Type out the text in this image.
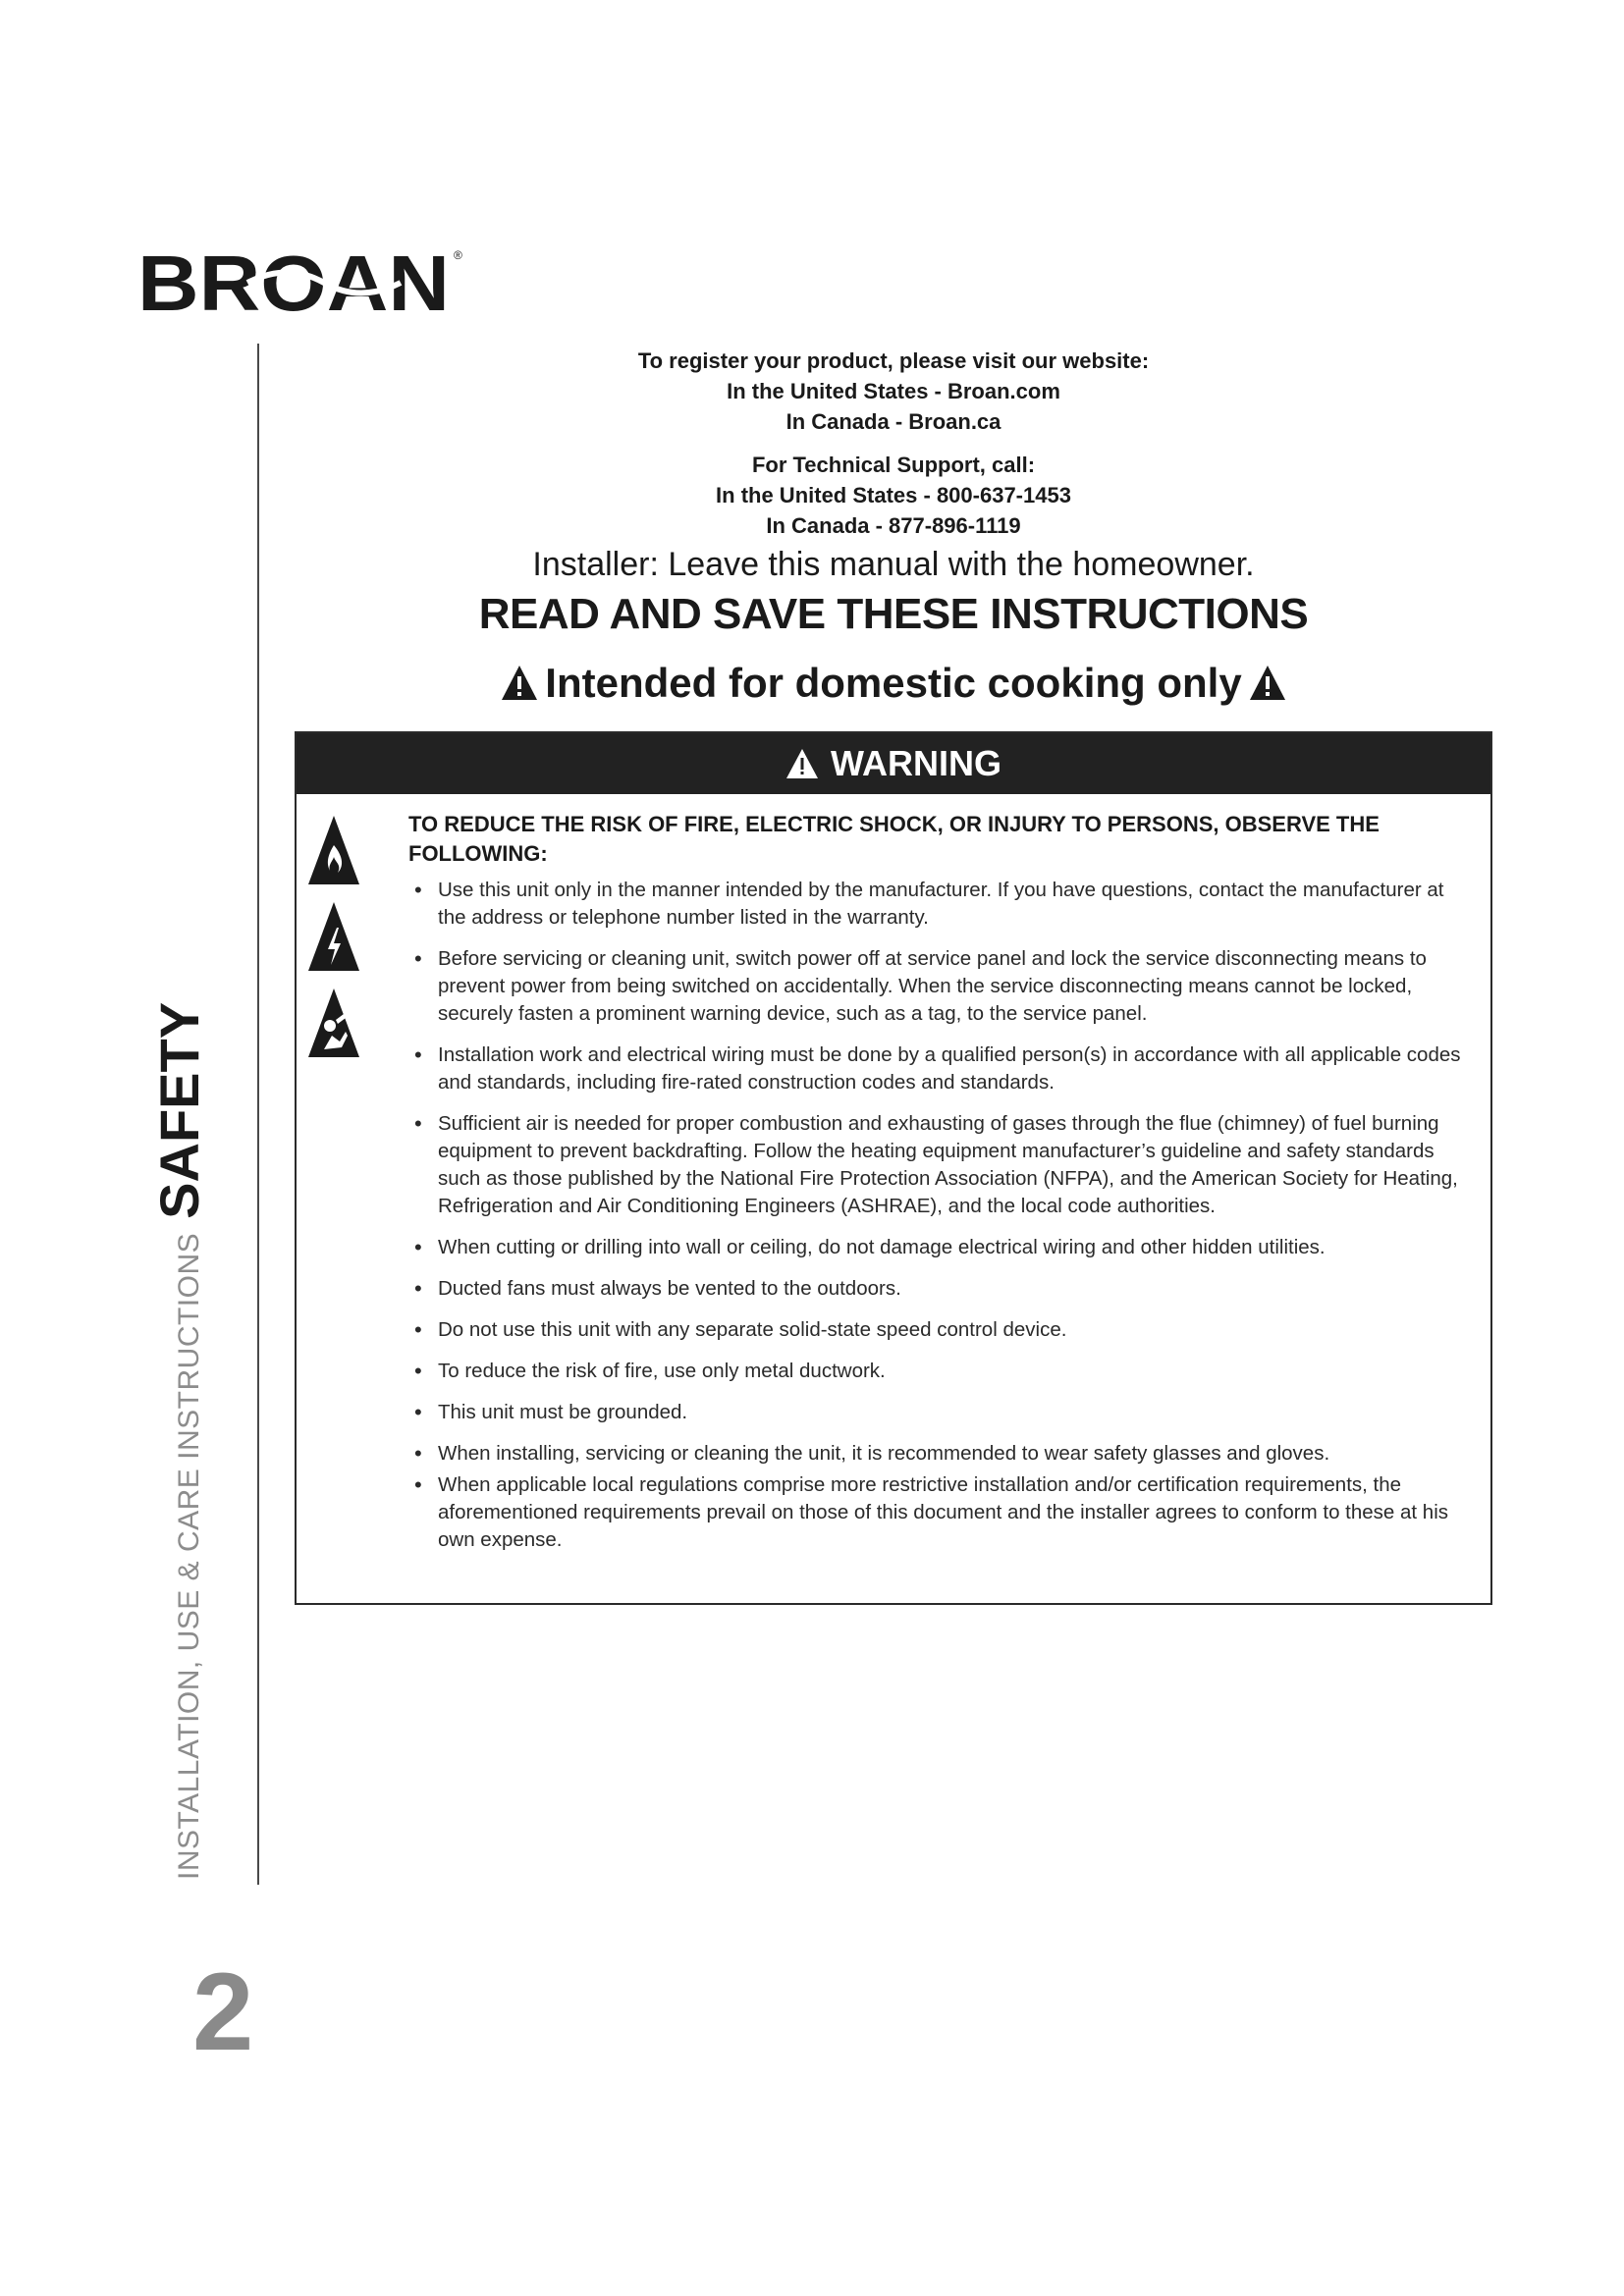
BROAN ®
INSTALLATION, USE & CARE INSTRUCTIONS
SAFETY
2
To register your product, please visit our website:
In the United States - Broan.com
In Canada - Broan.ca
For Technical Support, call:
In the United States - 800-637-1453
In Canada - 877-896-1119
Installer: Leave this manual with the homeowner.
READ AND SAVE THESE INSTRUCTIONS
Intended for domestic cooking only
WARNING

TO REDUCE THE RISK OF FIRE, ELECTRIC SHOCK, OR INJURY TO PERSONS, OBSERVE THE FOLLOWING:

• Use this unit only in the manner intended by the manufacturer. If you have questions, contact the manufacturer at the address or telephone number listed in the warranty.
• Before servicing or cleaning unit, switch power off at service panel and lock the service disconnecting means to prevent power from being switched on accidentally. When the service disconnecting means cannot be locked, securely fasten a prominent warning device, such as a tag, to the service panel.
• Installation work and electrical wiring must be done by a qualified person(s) in accordance with all applicable codes and standards, including fire-rated construction codes and standards.
• Sufficient air is needed for proper combustion and exhausting of gases through the flue (chimney) of fuel burning equipment to prevent backdrafting. Follow the heating equipment manufacturer’s guideline and safety standards such as those published by the National Fire Protection Association (NFPA), and the American Society for Heating, Refrigeration and Air Conditioning Engineers (ASHRAE), and the local code authorities.
• When cutting or drilling into wall or ceiling, do not damage electrical wiring and other hidden utilities.
• Ducted fans must always be vented to the outdoors.
• Do not use this unit with any separate solid-state speed control device.
• To reduce the risk of fire, use only metal ductwork.
• This unit must be grounded.
• When installing, servicing or cleaning the unit, it is recommended to wear safety glasses and gloves.
• When applicable local regulations comprise more restrictive installation and/or certification requirements, the aforementioned requirements prevail on those of this document and the installer agrees to conform to these at his own expense.
